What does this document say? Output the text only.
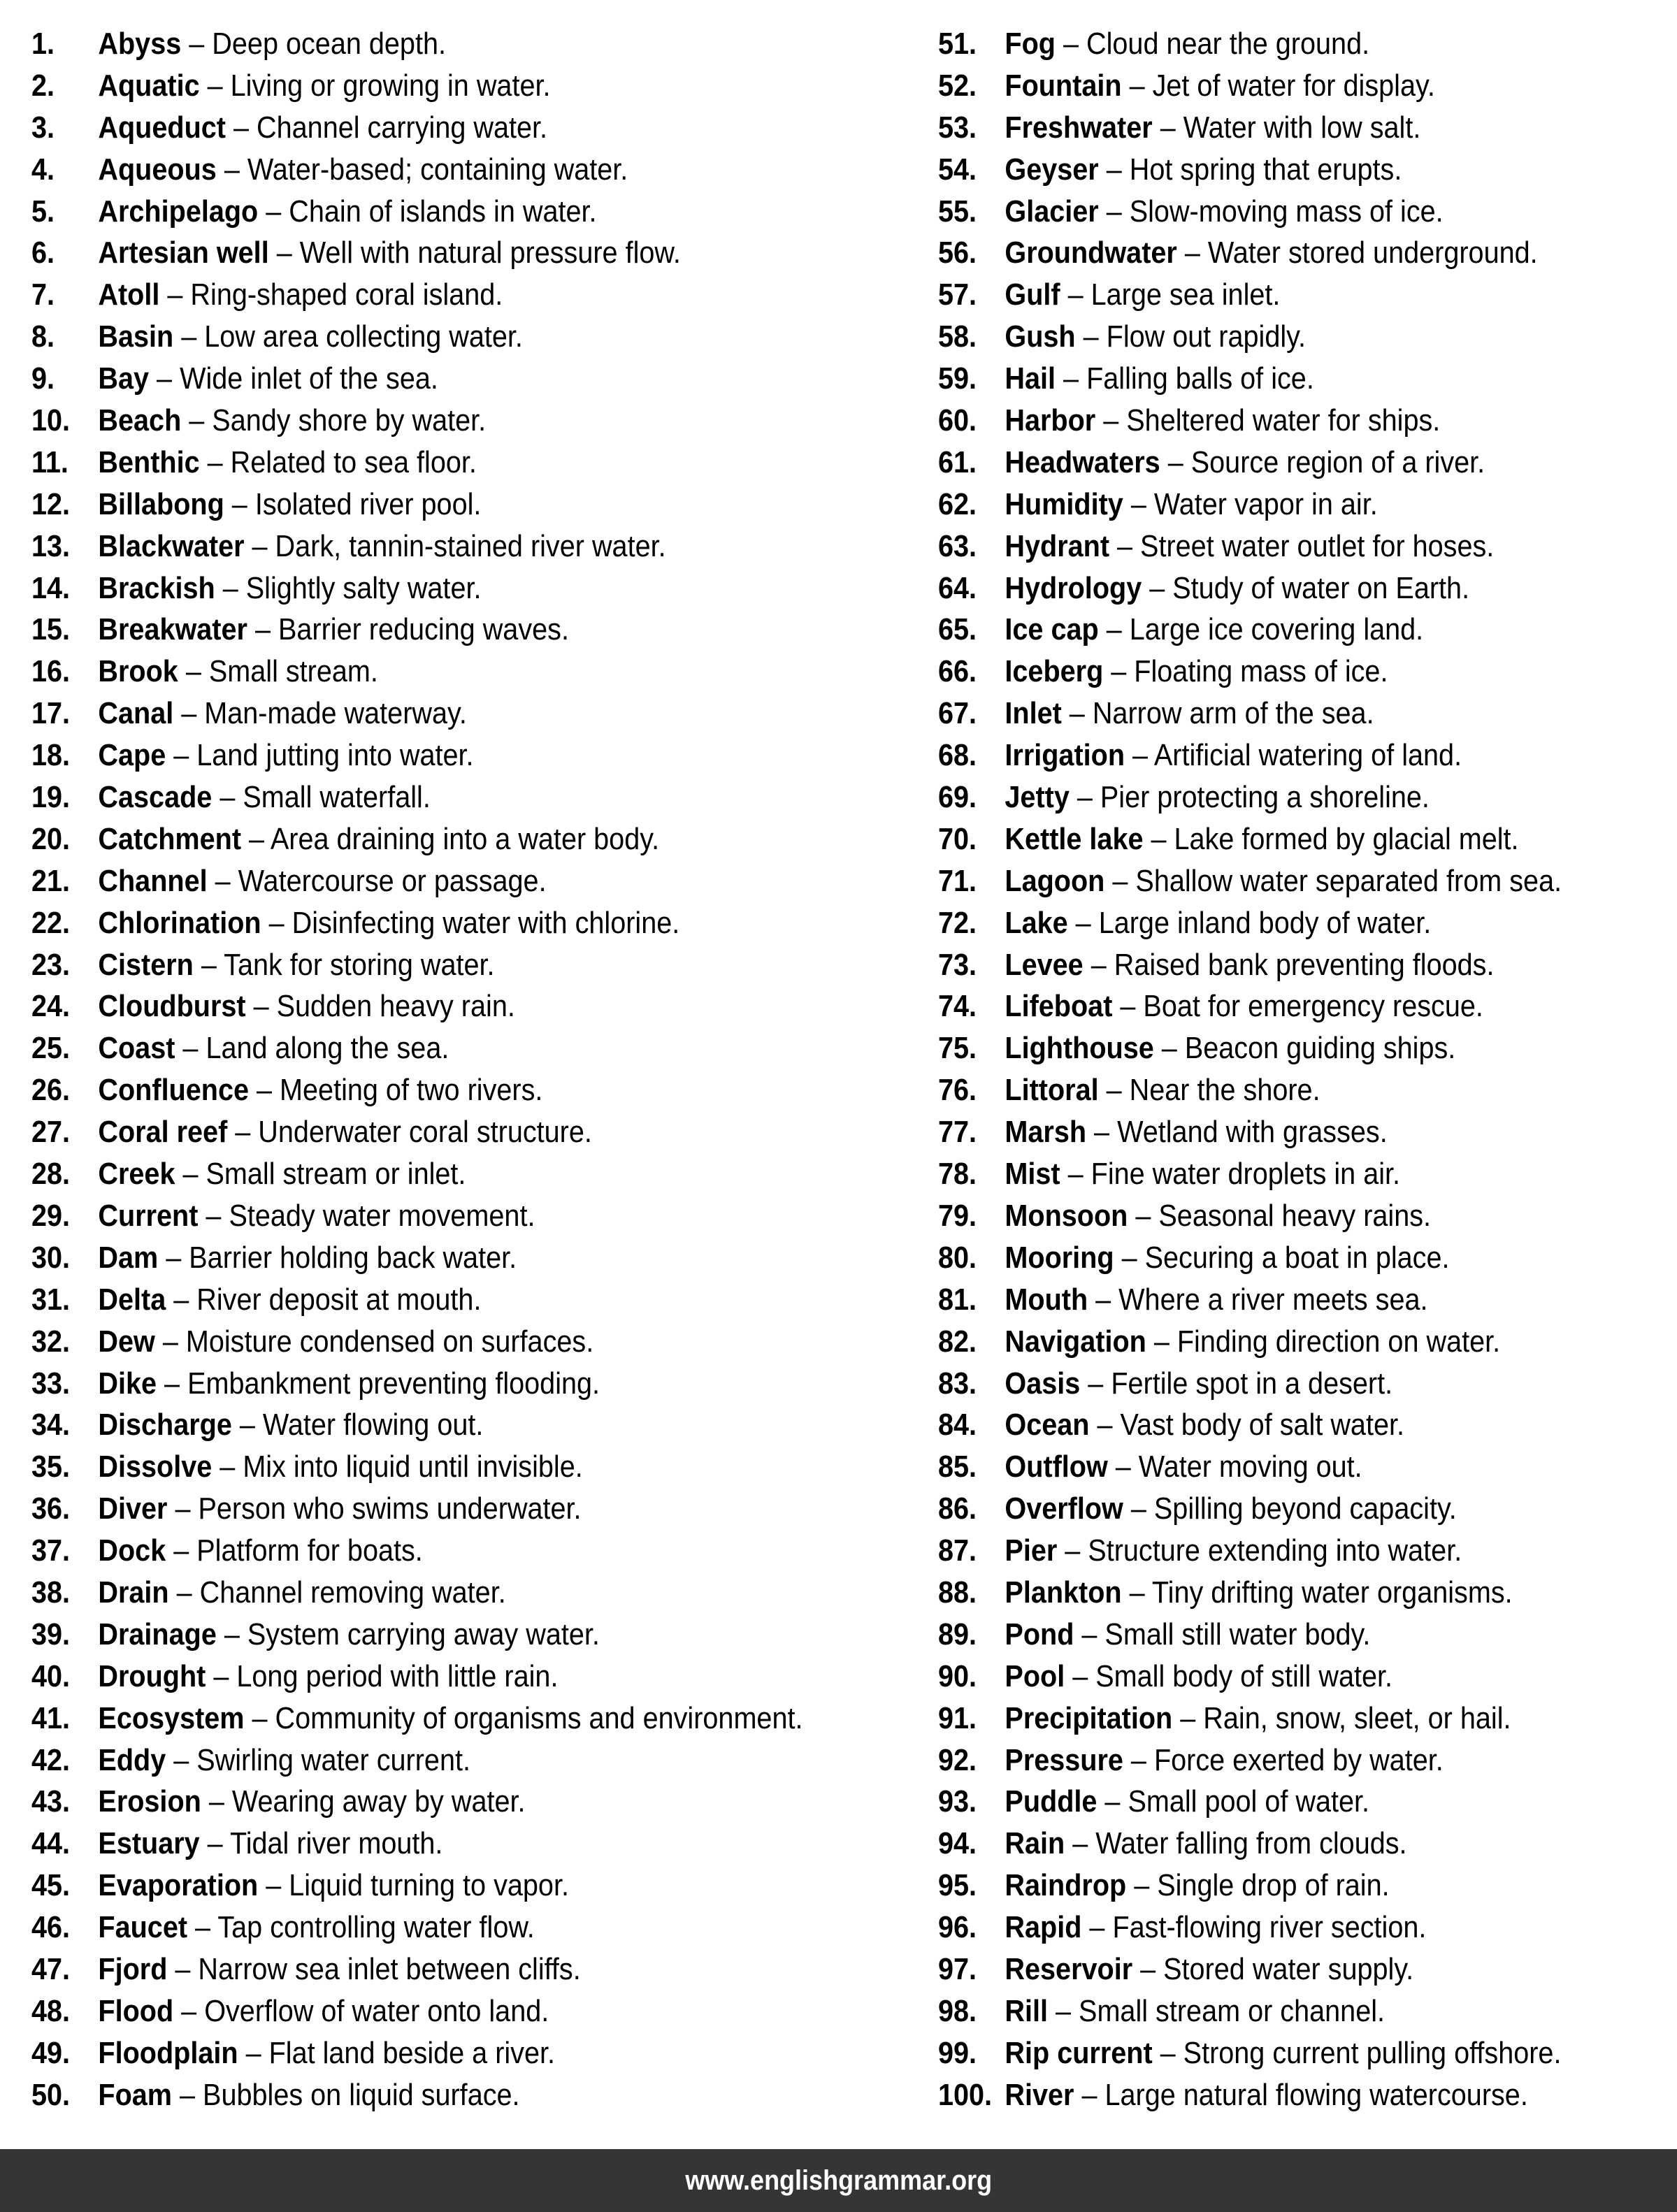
1. Abyss – Deep ocean depth.
2. Aquatic – Living or growing in water.
3. Aqueduct – Channel carrying water.
4. Aqueous – Water-based; containing water.
5. Archipelago – Chain of islands in water.
6. Artesian well – Well with natural pressure flow.
7. Atoll – Ring-shaped coral island.
8. Basin – Low area collecting water.
9. Bay – Wide inlet of the sea.
10. Beach – Sandy shore by water.
11. Benthic – Related to sea floor.
12. Billabong – Isolated river pool.
13. Blackwater – Dark, tannin-stained river water.
14. Brackish – Slightly salty water.
15. Breakwater – Barrier reducing waves.
16. Brook – Small stream.
17. Canal – Man-made waterway.
18. Cape – Land jutting into water.
19. Cascade – Small waterfall.
20. Catchment – Area draining into a water body.
21. Channel – Watercourse or passage.
22. Chlorination – Disinfecting water with chlorine.
23. Cistern – Tank for storing water.
24. Cloudburst – Sudden heavy rain.
25. Coast – Land along the sea.
26. Confluence – Meeting of two rivers.
27. Coral reef – Underwater coral structure.
28. Creek – Small stream or inlet.
29. Current – Steady water movement.
30. Dam – Barrier holding back water.
31. Delta – River deposit at mouth.
32. Dew – Moisture condensed on surfaces.
33. Dike – Embankment preventing flooding.
34. Discharge – Water flowing out.
35. Dissolve – Mix into liquid until invisible.
36. Diver – Person who swims underwater.
37. Dock – Platform for boats.
38. Drain – Channel removing water.
39. Drainage – System carrying away water.
40. Drought – Long period with little rain.
41. Ecosystem – Community of organisms and environment.
42. Eddy – Swirling water current.
43. Erosion – Wearing away by water.
44. Estuary – Tidal river mouth.
45. Evaporation – Liquid turning to vapor.
46. Faucet – Tap controlling water flow.
47. Fjord – Narrow sea inlet between cliffs.
48. Flood – Overflow of water onto land.
49. Floodplain – Flat land beside a river.
50. Foam – Bubbles on liquid surface.
51. Fog – Cloud near the ground.
52. Fountain – Jet of water for display.
53. Freshwater – Water with low salt.
54. Geyser – Hot spring that erupts.
55. Glacier – Slow-moving mass of ice.
56. Groundwater – Water stored underground.
57. Gulf – Large sea inlet.
58. Gush – Flow out rapidly.
59. Hail – Falling balls of ice.
60. Harbor – Sheltered water for ships.
61. Headwaters – Source region of a river.
62. Humidity – Water vapor in air.
63. Hydrant – Street water outlet for hoses.
64. Hydrology – Study of water on Earth.
65. Ice cap – Large ice covering land.
66. Iceberg – Floating mass of ice.
67. Inlet – Narrow arm of the sea.
68. Irrigation – Artificial watering of land.
69. Jetty – Pier protecting a shoreline.
70. Kettle lake – Lake formed by glacial melt.
71. Lagoon – Shallow water separated from sea.
72. Lake – Large inland body of water.
73. Levee – Raised bank preventing floods.
74. Lifeboat – Boat for emergency rescue.
75. Lighthouse – Beacon guiding ships.
76. Littoral – Near the shore.
77. Marsh – Wetland with grasses.
78. Mist – Fine water droplets in air.
79. Monsoon – Seasonal heavy rains.
80. Mooring – Securing a boat in place.
81. Mouth – Where a river meets sea.
82. Navigation – Finding direction on water.
83. Oasis – Fertile spot in a desert.
84. Ocean – Vast body of salt water.
85. Outflow – Water moving out.
86. Overflow – Spilling beyond capacity.
87. Pier – Structure extending into water.
88. Plankton – Tiny drifting water organisms.
89. Pond – Small still water body.
90. Pool – Small body of still water.
91. Precipitation – Rain, snow, sleet, or hail.
92. Pressure – Force exerted by water.
93. Puddle – Small pool of water.
94. Rain – Water falling from clouds.
95. Raindrop – Single drop of rain.
96. Rapid – Fast-flowing river section.
97. Reservoir – Stored water supply.
98. Rill – Small stream or channel.
99. Rip current – Strong current pulling offshore.
100. River – Large natural flowing watercourse.
www.englishgrammar.org
